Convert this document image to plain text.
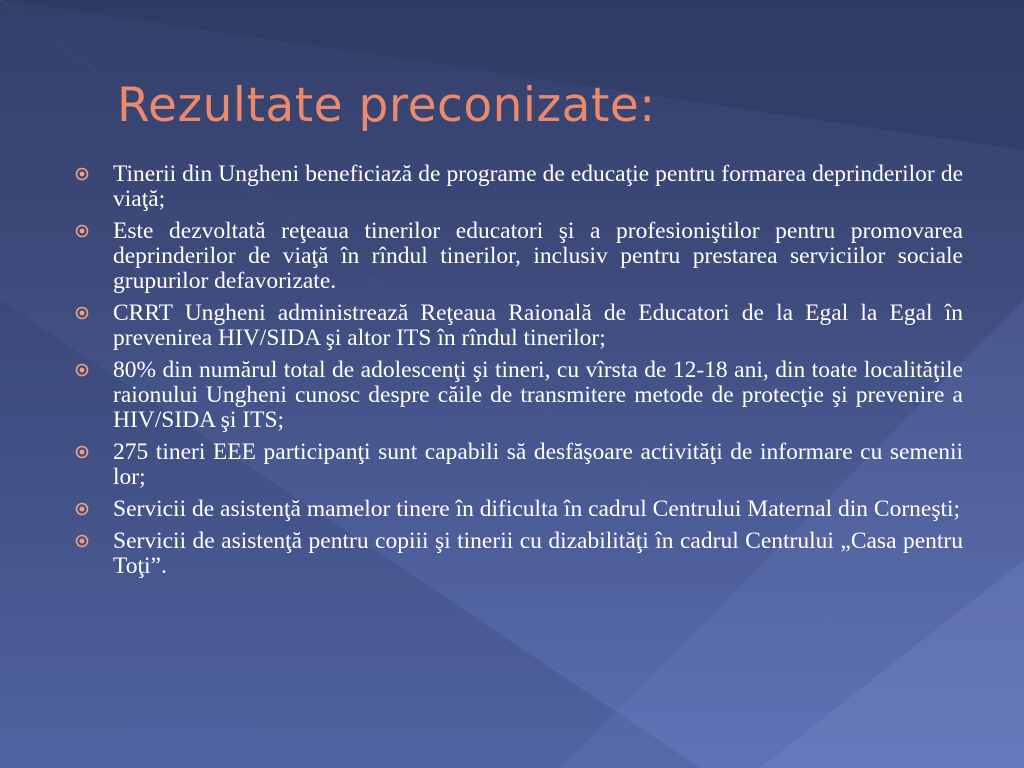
Rezultate preconizate:
Tinerii din Ungheni beneficiază de programe de educaţie pentru formarea deprinderilor de viaţă;
Este dezvoltată reţeaua tinerilor educatori şi a profesioniştilor pentru promovarea deprinderilor de viaţă în rîndul tinerilor, inclusiv pentru prestarea serviciilor sociale grupurilor defavorizate.
CRRT Ungheni administrează Reţeaua Raională de Educatori de la Egal la Egal în prevenirea HIV/SIDA şi altor ITS în rîndul tinerilor;
80% din numărul total de adolescenţi şi tineri, cu vîrsta de 12-18 ani, din toate localităţile raionului Ungheni cunosc despre căile de transmitere metode de protecţie şi prevenire a HIV/SIDA şi ITS;
275 tineri EEE participanţi sunt capabili să desfăşoare activităţi de informare cu semenii lor;
Servicii de asistenţă mamelor tinere în dificulta în cadrul Centrului Maternal din Corneşti;
Servicii de asistenţă pentru copiii şi tinerii cu dizabilităţi în cadrul Centrului „Casa pentru Toţi”.
